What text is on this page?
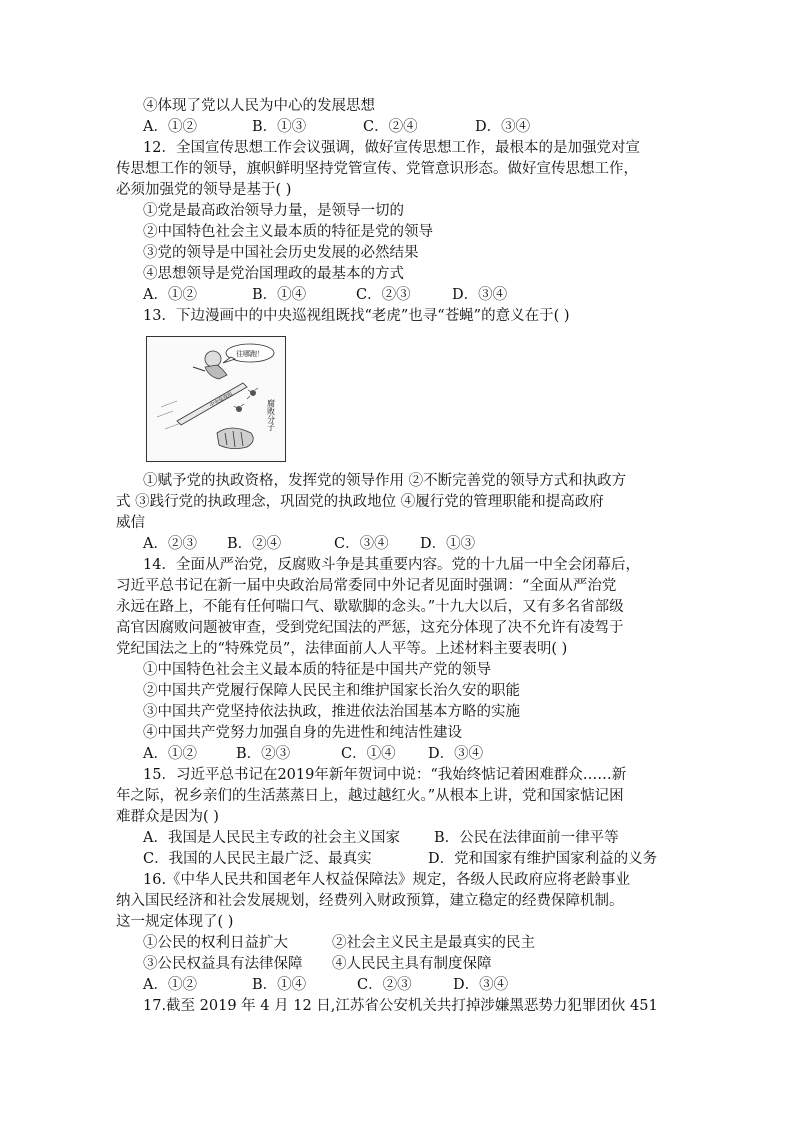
④体现了党以人民为中心的发展思想
A．①②	B．①③	C．②④	D．③④
12．全国宣传思想工作会议强调，做好宣传思想工作，最根本的是加强党对宣
传思想工作的领导，旗帜鲜明坚持党管宣传、党管意识形态。做好宣传思想工作，
必须加强党的领导是基于( )
①党是最高政治领导力量，是领导一切的
②中国特色社会主义最本质的特征是党的领导
③党的领导是中国社会历史发展的必然结果
④思想领导是党治国理政的最基本的方式
A．①②	B．①④	C．②③	D．③④
13．下边漫画中的中央巡视组既找“老虎”也寻“苍蝇”的意义在于( )
往哪跑！
中央巡视组	腐败分子
①赋予党的执政资格，发挥党的领导作用 ②不断完善党的领导方式和执政方
式 ③践行党的执政理念，巩固党的执政地位 ④履行党的管理职能和提高政府
威信
A．②③ B．②④	C．③④ D．①③
14．全面从严治党，反腐败斗争是其重要内容。党的十九届一中全会闭幕后，
习近平总书记在新一届中央政治局常委同中外记者见面时强调：“全面从严治党
永远在路上，不能有任何喘口气、歇歇脚的念头。”十九大以后，又有多名省部级
高官因腐败问题被审查，受到党纪国法的严惩，这充分体现了决不允许有凌驾于
党纪国法之上的“特殊党员”，法律面前人人平等。上述材料主要表明( )
①中国特色社会主义最本质的特征是中国共产党的领导
②中国共产党履行保障人民民主和维护国家长治久安的职能
③中国共产党坚持依法执政，推进依法治国基本方略的实施
④中国共产党努力加强自身的先进性和纯洁性建设
A．①②	B．②③	C．①④ D．③④
15．习近平总书记在2019年新年贺词中说：“我始终惦记着困难群众……新
年之际，祝乡亲们的生活蒸蒸日上，越过越红火。”从根本上讲，党和国家惦记困
难群众是因为( )
A．我国是人民民主专政的社会主义国家 B．公民在法律面前一律平等
C．我国的人民民主最广泛、最真实	D．党和国家有维护国家利益的义务
16.《中华人民共和国老年人权益保障法》规定，各级人民政府应将老龄事业
纳入国民经济和社会发展规划，经费列入财政预算，建立稳定的经费保障机制。
这一规定体现了( )
①公民的权利日益扩大	②社会主义民主是最真实的民主
③公民权益具有法律保障 ④人民民主具有制度保障
A．①②	B．①④	C．②③	D．③④
17.截至 2019 年 4 月 12 日,江苏省公安机关共打掉涉嫌黑恶势力犯罪团伙 451
